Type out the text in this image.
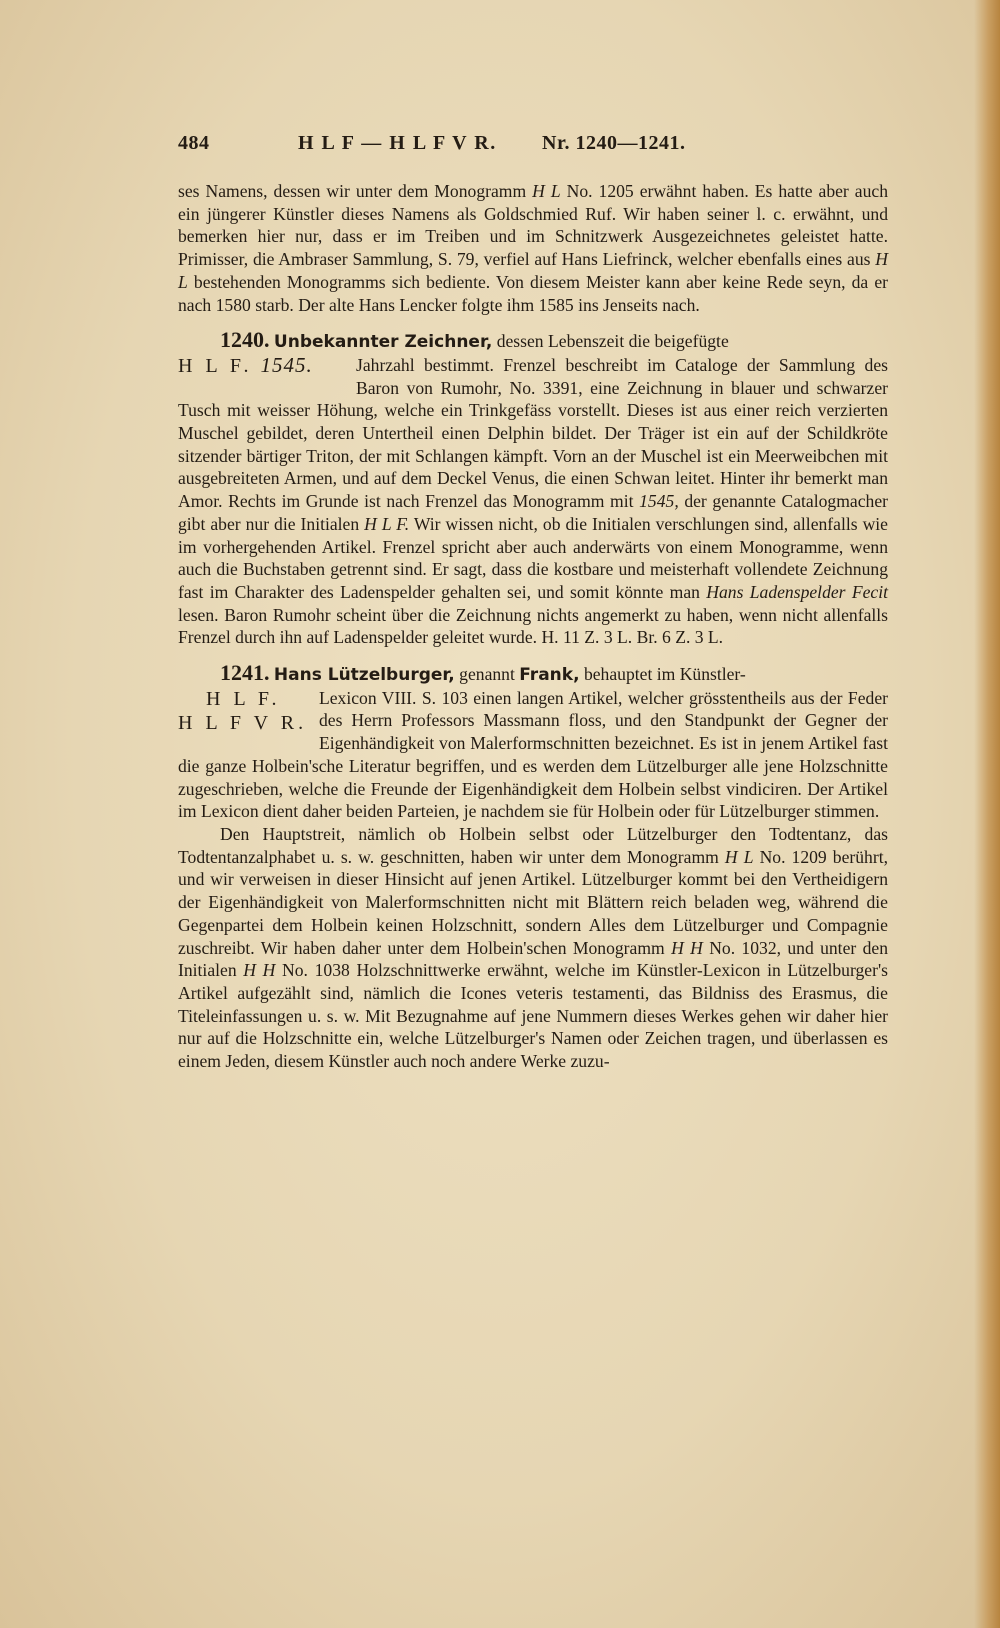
484	H L F — H L F V R. Nr. 1240—1241.

ses Namens, dessen wir unter dem Monogramm H L No. 1205 erwähnt haben. Es hatte aber auch ein jüngerer Künstler dieses Namens als Goldschmied Ruf. Wir haben seiner l. c. erwähnt, und bemerken hier nur, dass er im Treiben und im Schnitzwerk Ausgezeichnetes geleistet hatte. Primisser, die Ambraser Sammlung, S. 79, verfiel auf Hans Liefrinck, welcher ebenfalls eines aus H L bestehenden Monogramms sich bediente. Von diesem Meister kann aber keine Rede seyn, da er nach 1580 starb. Der alte Hans Lencker folgte ihm 1585 ins Jenseits nach.

1240. Unbekannter Zeichner, dessen Lebenszeit die beigefügte

H L F. 1545.	Jahrzahl bestimmt. Frenzel beschreibt im Cataloge der Sammlung des Baron von Rumohr, No. 3391, eine Zeichnung in blauer und schwarzer Tusch mit weisser Höhung, welche ein Trinkgefäss vorstellt. Dieses ist aus einer reich verzierten Muschel gebildet, deren Untertheil einen Delphin bildet. Der Träger ist ein auf der Schildkröte sitzender bärtiger Triton, der mit Schlangen kämpft. Vorn an der Muschel ist ein Meerweibchen mit ausgebreiteten Armen, und auf dem Deckel Venus, die einen Schwan leitet. Hinter ihr bemerkt man Amor. Rechts im Grunde ist nach Frenzel das Monogramm mit 1545, der genannte Catalogmacher gibt aber nur die Initialen H L F. Wir wissen nicht, ob die Initialen verschlungen sind, allenfalls wie im vorhergehenden Artikel. Frenzel spricht aber auch anderwärts von einem Monogramme, wenn auch die Buchstaben getrennt sind. Er sagt, dass die kostbare und meisterhaft vollendete Zeichnung fast im Charakter des Ladenspelder gehalten sei, und somit könnte man Hans Ladenspelder Fecit lesen. Baron Rumohr scheint über die Zeichnung nichts angemerkt zu haben, wenn nicht allenfalls Frenzel durch ihn auf Ladenspelder geleitet wurde. H. 11 Z. 3 L. Br. 6 Z. 3 L.

1241. Hans Lützelburger, genannt Frank, behauptet im Künstler-

H L F.
H L F V R.

Lexicon VIII. S. 103 einen langen Artikel, welcher grösstentheils aus der Feder des Herrn Professors Massmann floss, und den Standpunkt der Gegner der Eigenhändigkeit von Malerformschnitten bezeichnet. Es ist in jenem Artikel fast die ganze Holbein'sche Literatur begriffen, und es werden dem Lützelburger alle jene Holzschnitte zugeschrieben, welche die Freunde der Eigenhändigkeit dem Holbein selbst vindiciren. Der Artikel im Lexicon dient daher beiden Parteien, je nachdem sie für Holbein oder für Lützelburger stimmen.

Den Hauptstreit, nämlich ob Holbein selbst oder Lützelburger den Todtentanz, das Todtentanzalphabet u. s. w. geschnitten, haben wir unter dem Monogramm H L No. 1209 berührt, und wir verweisen in dieser Hinsicht auf jenen Artikel. Lützelburger kommt bei den Vertheidigern der Eigenhändigkeit von Malerformschnitten nicht mit Blättern reich beladen weg, während die Gegenpartei dem Holbein keinen Holzschnitt, sondern Alles dem Lützelburger und Compagnie zuschreibt. Wir haben daher unter dem Holbein'schen Monogramm H H No. 1032, und unter den Initialen H H No. 1038 Holzschnittwerke erwähnt, welche im Künstler-Lexicon in Lützelburger's Artikel aufgezählt sind, nämlich die Icones veteris testamenti, das Bildniss des Erasmus, die Titeleinfassungen u. s. w. Mit Bezugnahme auf jene Nummern dieses Werkes gehen wir daher hier nur auf die Holzschnitte ein, welche Lützelburger's Namen oder Zeichen tragen, und überlassen es einem Jeden, diesem Künstler auch noch andere Werke zuzu-
